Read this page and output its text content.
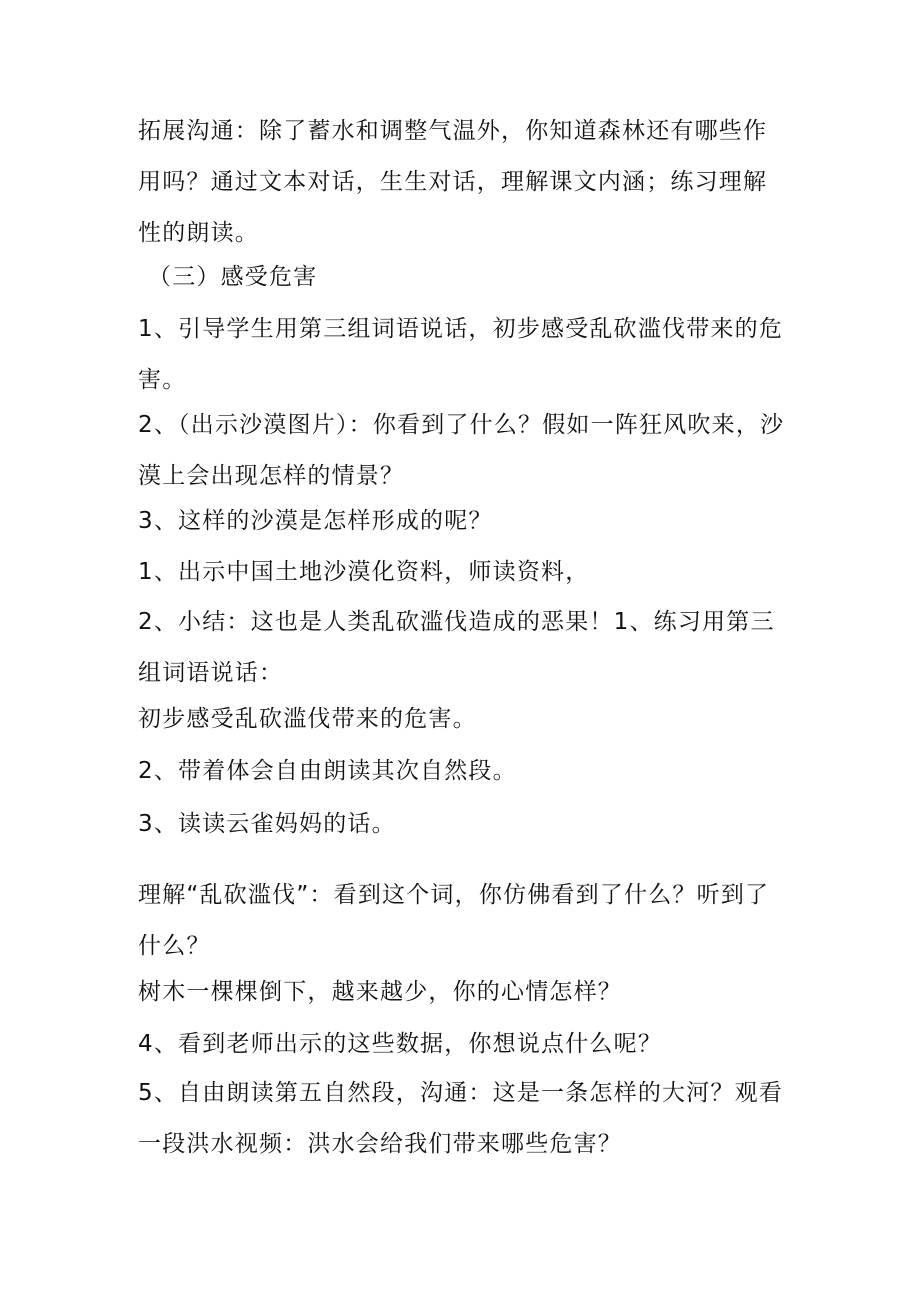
拓展沟通：除了蓄水和调整气温外，你知道森林还有哪些作用吗？通过文本对话，生生对话，理解课文内涵；练习理解性的朗读。

（三）感受危害

1、引导学生用第三组词语说话，初步感受乱砍滥伐带来的危害。

2、（出示沙漠图片）：你看到了什么？假如一阵狂风吹来，沙漠上会出现怎样的情景？

3、这样的沙漠是怎样形成的呢？

1、出示中国土地沙漠化资料，师读资料，

2、小结：这也是人类乱砍滥伐造成的恶果！1、练习用第三组词语说话：

初步感受乱砍滥伐带来的危害。

2、带着体会自由朗读其次自然段。

3、读读云雀妈妈的话。

理解“乱砍滥伐”：看到这个词，你仿佛看到了什么？听到了什么？

树木一棵棵倒下，越来越少，你的心情怎样？

4、看到老师出示的这些数据，你想说点什么呢？

5、自由朗读第五自然段，沟通：这是一条怎样的大河？观看一段洪水视频：洪水会给我们带来哪些危害？
